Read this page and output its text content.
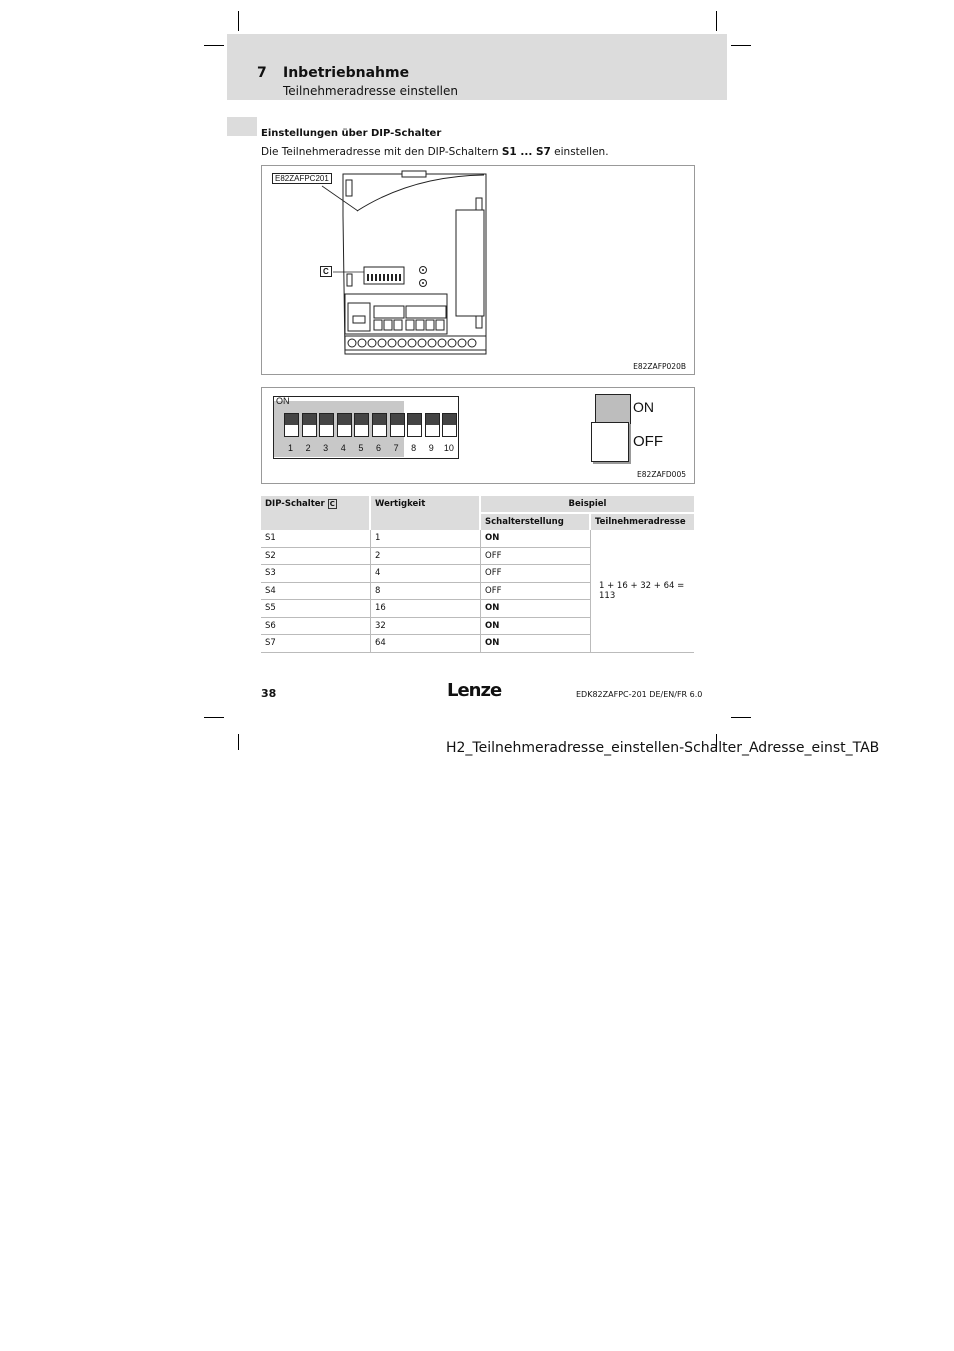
7 Inbetriebnahme
Teilnehmeradresse einstellen
Einstellungen über DIP-Schalter
Die Teilnehmeradresse mit den DIP-Schaltern S1 ... S7 einstellen.
E82ZAFPC201
C
E82ZAFP020B
ON
1	2	3	4	5	6	7	8	9	10
ON
OFF
E82ZAFD005
DIP-Schalter C	Wertigkeit	Beispiel	
		Schalterstellung	Teilnehmeradresse
S1	1	ON	1 + 16 + 32 + 64 = 113
S2	2	OFF	
S3	4	OFF	
S4	8	OFF	
S5	16	ON	
S6	32	ON	
S7	64	ON	
38	Lenze	EDK82ZAFPC-201 DE/EN/FR 6.0
H2_Teilnehmeradresse_einstellen-Schalter_Adresse_einst_TAB
